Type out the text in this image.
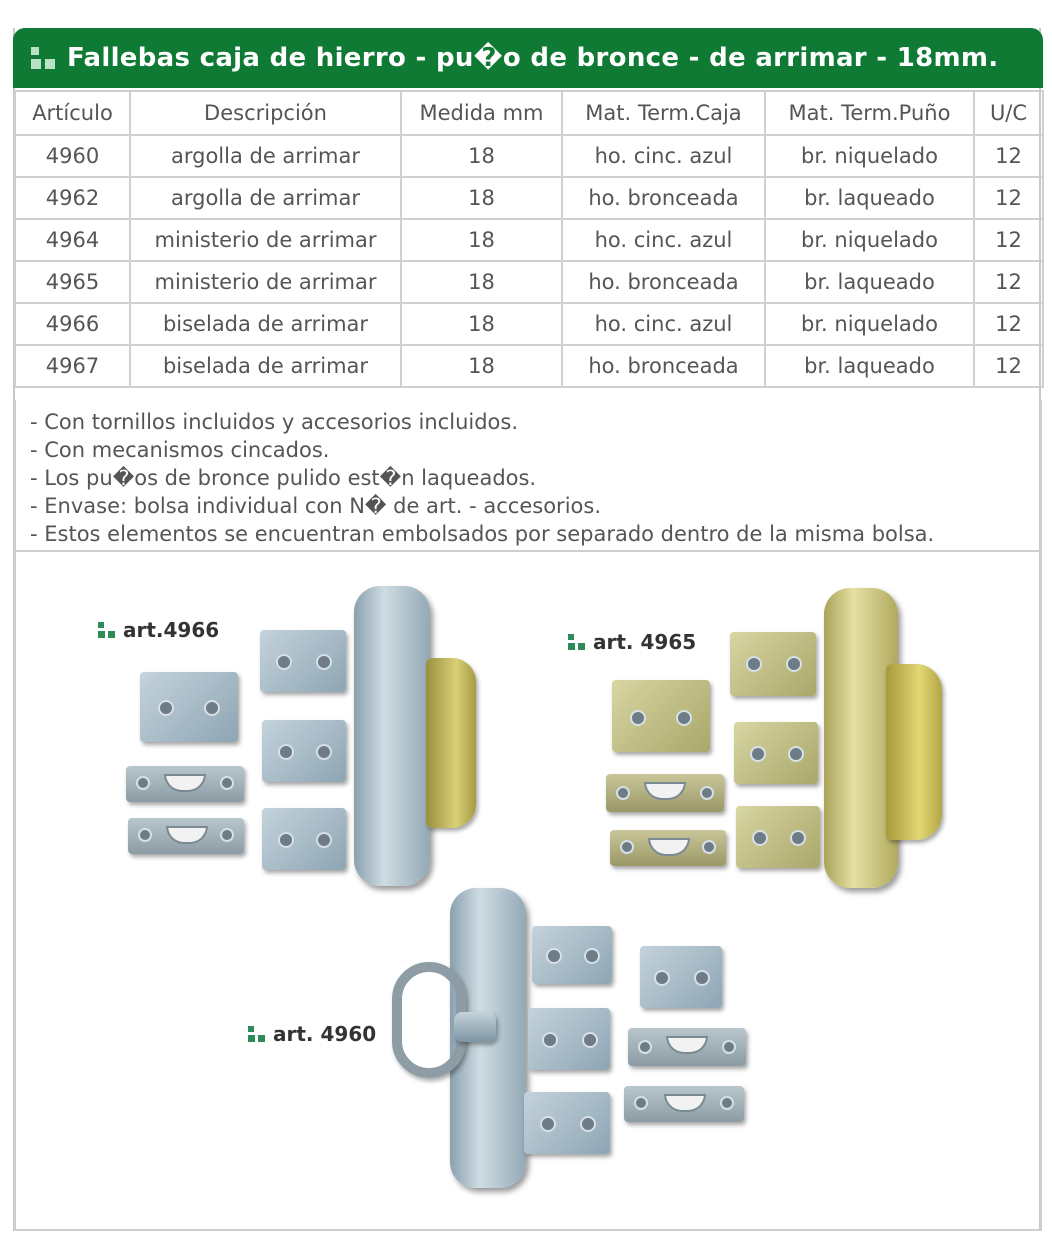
Fallebas caja de hierro - pu�o de bronce - de arrimar - 18mm.
Artículo	Descripción	Medida mm	Mat. Term.Caja	Mat. Term.Puño	U/C
4960	argolla de arrimar	18	ho. cinc. azul	br. niquelado	12
4962	argolla de arrimar	18	ho. bronceada	br. laqueado	12
4964	ministerio de arrimar	18	ho. cinc. azul	br. niquelado	12
4965	ministerio de arrimar	18	ho. bronceada	br. laqueado	12
4966	biselada de arrimar	18	ho. cinc. azul	br. niquelado	12
4967	biselada de arrimar	18	ho. bronceada	br. laqueado	12
- Con tornillos incluidos y accesorios incluidos.
- Con mecanismos cincados.
- Los pu�os de bronce pulido est�n laqueados.
- Envase: bolsa individual con N� de art. - accesorios.
- Estos elementos se encuentran embolsados por separado dentro de la misma bolsa.
art.4966	art. 4965
art. 4960
